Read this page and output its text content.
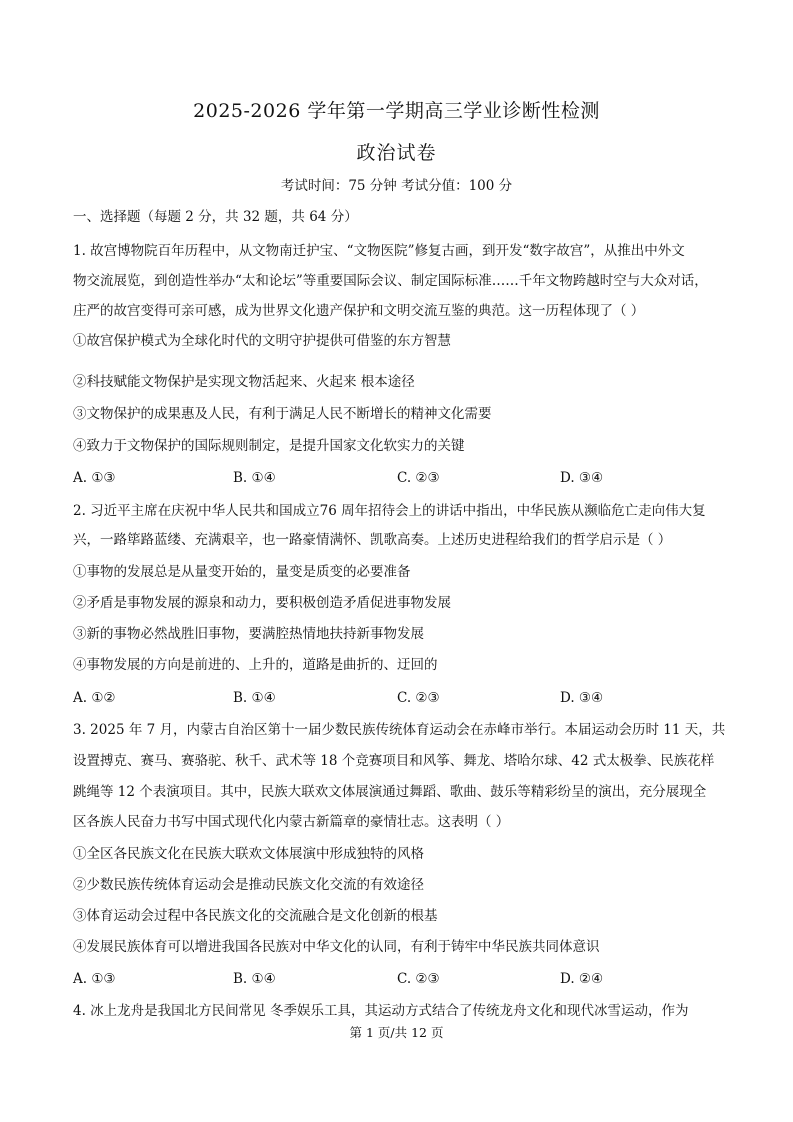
2025-2026 学年第一学期高三学业诊断性检测
政治试卷
考试时间：75 分钟 考试分值：100 分
一、选择题（每题 2 分，共 32 题，共 64 分）
1. 故宫博物院百年历程中，从文物南迁护宝、“文物医院”修复古画，到开发“数字故宫”，从推出中外文
物交流展览，到创造性举办“太和论坛”等重要国际会议、制定国际标准……千年文物跨越时空与大众对话，
庄严的故宫变得可亲可感，成为世界文化遗产保护和文明交流互鉴的典范。这一历程体现了（ ）
①故宫保护模式为全球化时代的文明守护提供可借鉴的东方智慧
②科技赋能文物保护是实现文物活起来、火起来 根本途径
③文物保护的成果惠及人民，有利于满足人民不断增长的精神文化需要
④致力于文物保护的国际规则制定，是提升国家文化软实力的关键
A. ①③	B. ①④	C. ②③	D. ③④
2. 习近平主席在庆祝中华人民共和国成立76 周年招待会上的讲话中指出，中华民族从濒临危亡走向伟大复
兴，一路筚路蓝缕、充满艰辛，也一路豪情满怀、凯歌高奏。上述历史进程给我们的哲学启示是（ ）
①事物的发展总是从量变开始的，量变是质变的必要准备
②矛盾是事物发展的源泉和动力，要积极创造矛盾促进事物发展
③新的事物必然战胜旧事物，要满腔热情地扶持新事物发展
④事物发展的方向是前进的、上升的，道路是曲折的、迂回的
A. ①②	B. ①④	C. ②③	D. ③④
3. 2025 年 7 月，内蒙古自治区第十一届少数民族传统体育运动会在赤峰市举行。本届运动会历时 11 天，共
设置搏克、赛马、赛骆驼、秋千、武术等 18 个竞赛项目和风筝、舞龙、塔哈尔球、42 式太极拳、民族花样
跳绳等 12 个表演项目。其中，民族大联欢文体展演通过舞蹈、歌曲、鼓乐等精彩纷呈的演出，充分展现全
区各族人民奋力书写中国式现代化内蒙古新篇章的豪情壮志。这表明（ ）
①全区各民族文化在民族大联欢文体展演中形成独特的风格
②少数民族传统体育运动会是推动民族文化交流的有效途径
③体育运动会过程中各民族文化的交流融合是文化创新的根基
④发展民族体育可以增进我国各民族对中华文化的认同，有利于铸牢中华民族共同体意识
A. ①③	B. ①④	C. ②③	D. ②④
4. 冰上龙舟是我国北方民间常见 冬季娱乐工具，其运动方式结合了传统龙舟文化和现代冰雪运动，作为
第 1 页/共 12 页
